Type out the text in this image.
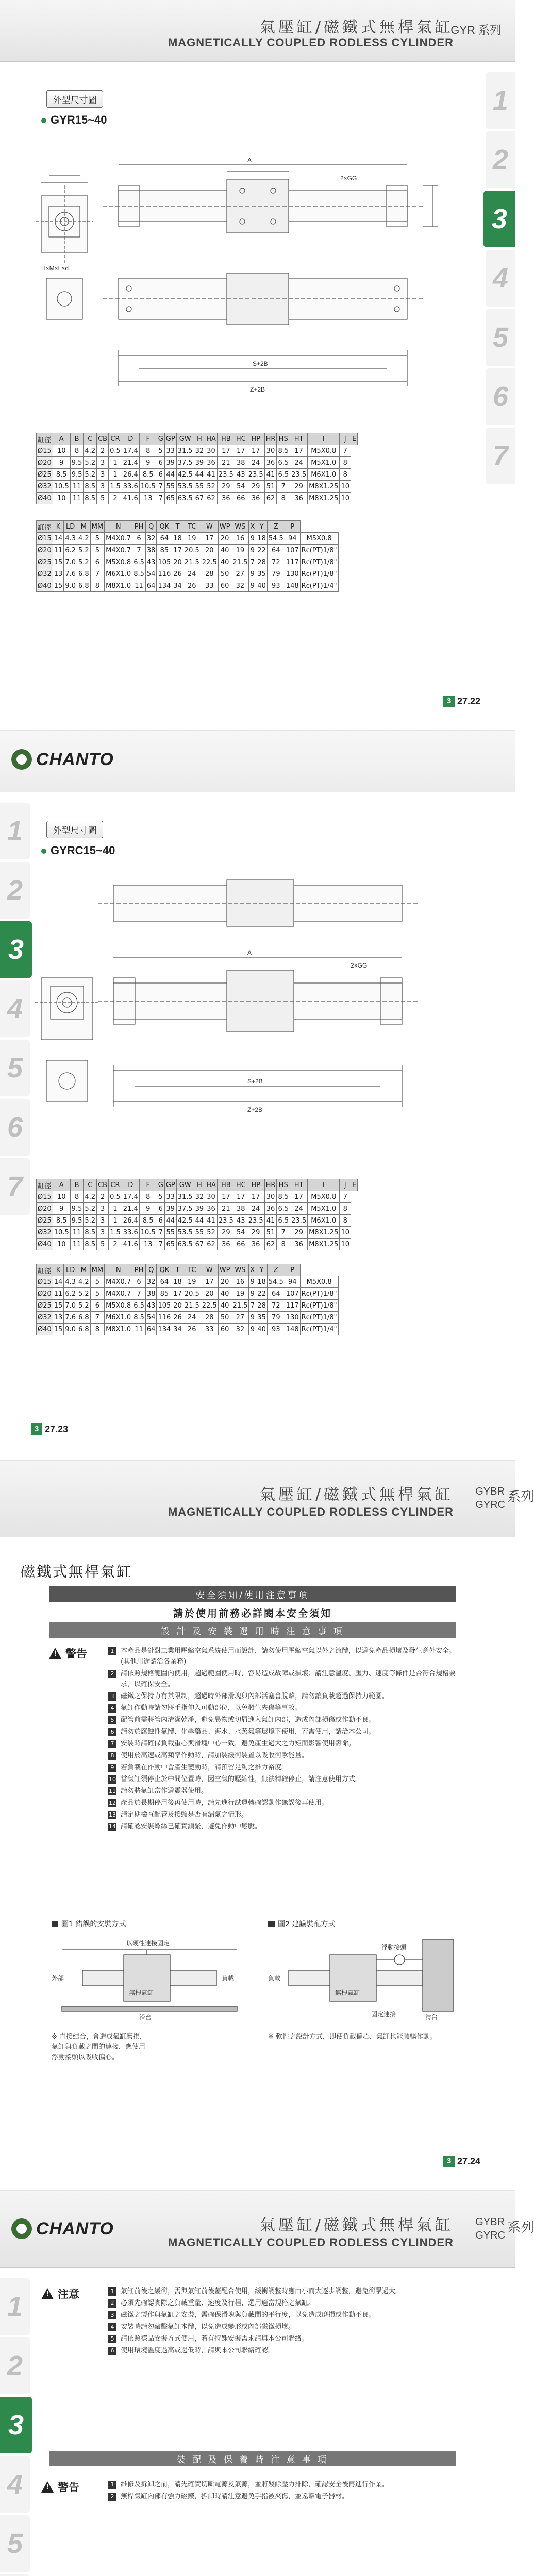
氣壓缸/磁鐵式無桿氣缸
MAGNETICALLY COUPLED RODLESS CYLINDER
GYR 系列
1
2
3
4
5
6
7
外型尺寸圖
GYR15~40
A
S+2B
Z+2B
2×GG
H×M×L×d
缸徑	A	B	C	CB	CR	D	F	G	GP	GW	H	HA	HB	HC	HP	HR	HS	HT	I	J	E
Ø15	10	8	4.2	2	0.5	17.4	8	5	33	31.5	32	30	17	17	17	30	8.5	17	M5X0.8	7	
Ø20	9	9.5	5.2	3	1	21.4	9	6	39	37.5	39	36	21	38	24	36	6.5	24	M5X1.0	8	
Ø25	8.5	9.5	5.2	3	1	26.4	8.5	6	44	42.5	44	41	23.5	43	23.5	41	6.5	23.5	M6X1.0	8	
Ø32	10.5	11	8.5	3	1.5	33.6	10.5	7	55	53.5	55	52	29	54	29	51	7	29	M8X1.25	10	
Ø40	10	11	8.5	5	2	41.6	13	7	65	63.5	67	62	36	66	36	62	8	36	M8X1.25	10	
缸徑	K	LD	M	MM	N	PH	Q	QK	T	TC	W	WP	WS	X	Y	Z	P	
Ø15	14	4.3	4.2	5	M4X0.7	6	32	64	18	19	17	20	16	9	18	54.5	94	M5X0.8
Ø20	11	6.2	5.2	5	M4X0.7	7	38	85	17	20.5	20	40	19	9	22	64	107	Rc(PT)1/8"
Ø25	15	7.0	5.2	6	M5X0.8	6.5	43	105	20	21.5	22.5	40	21.5	7	28	72	117	Rc(PT)1/8"
Ø32	13	7.6	6.8	7	M6X1.0	8.5	54	116	26	24	28	50	27	9	35	79	130	Rc(PT)1/8"
Ø40	15	9.0	6.8	8	M8X1.0	11	64	134	34	26	33	60	32	9	40	93	148	Rc(PT)1/4"
3 27.22
CHANTO
1
2
3
4
5
6
7
外型尺寸圖
GYRC15~40
A
S+2B
Z+2B
2×GG
缸徑	A	B	C	CB	CR	D	F	G	GP	GW	H	HA	HB	HC	HP	HR	HS	HT	I	J	E
Ø15	10	8	4.2	2	0.5	17.4	8	5	33	31.5	32	30	17	17	17	30	8.5	17	M5X0.8	7	
Ø20	9	9.5	5.2	3	1	21.4	9	6	39	37.5	39	36	21	38	24	36	6.5	24	M5X1.0	8	
Ø25	8.5	9.5	5.2	3	1	26.4	8.5	6	44	42.5	44	41	23.5	43	23.5	41	6.5	23.5	M6X1.0	8	
Ø32	10.5	11	8.5	3	1.5	33.6	10.5	7	55	53.5	55	52	29	54	29	51	7	29	M8X1.25	10	
Ø40	10	11	8.5	5	2	41.6	13	7	65	63.5	67	62	36	66	36	62	8	36	M8X1.25	10	
缸徑	K	LD	M	MM	N	PH	Q	QK	T	TC	W	WP	WS	X	Y	Z	P	
Ø15	14	4.3	4.2	5	M4X0.7	6	32	64	18	19	17	20	16	9	18	54.5	94	M5X0.8
Ø20	11	6.2	5.2	5	M4X0.7	7	38	85	17	20.5	20	40	19	9	22	64	107	Rc(PT)1/8"
Ø25	15	7.0	5.2	6	M5X0.8	6.5	43	105	20	21.5	22.5	40	21.5	7	28	72	117	Rc(PT)1/8"
Ø32	13	7.6	6.8	7	M6X1.0	8.5	54	116	26	24	28	50	27	9	35	79	130	Rc(PT)1/8"
Ø40	15	9.0	6.8	8	M8X1.0	11	64	134	34	26	33	60	32	9	40	93	148	Rc(PT)1/4"
3 27.23
氣壓缸/磁鐵式無桿氣缸
MAGNETICALLY COUPLED RODLESS CYLINDER
GYBR
GYRC
系列
磁鐵式無桿氣缸
安全須知/使用注意事項
請於使用前務必詳閱本安全須知
設 計 及 安 裝 選 用 時 注 意 事 項
!
警告	1 本產品是針對工業用壓縮空氣系統使用而設計，請勿使用壓縮空氣以外之流體，以避免產品損壞及發生意外安全。(其他用途請洽各業務)
2 請依照規格範圍內使用，超過範圍使用時，容易造成故障或損壞；請注意溫度、壓力、速度等條件是否符合規格要求，以確保安全。
3 磁鐵之保持力有其限制，超過時外部滑塊與內部活塞會脫離，請勿讓負載超過保持力範圍。
4 氣缸作動時請勿將手指伸入可動部位，以免發生夾傷等事故。
5 配管前需將管內清潔乾淨，避免異物或切屑進入氣缸內部，造成內部損傷或作動不良。
6 請勿於腐蝕性氣體、化學藥品、海水、水蒸氣等環境下使用，若需使用，請洽本公司。
7 安裝時請確保負載重心與滑塊中心一致，避免產生過大之力矩而影響使用壽命。
8 使用於高速或高頻率作動時，請加裝緩衝裝置以吸收衝擊能量。
9 若負載在作動中會產生變動時，請預留足夠之推力裕度。
10 當氣缸須停止於中間位置時，因空氣的壓縮性，無法精確停止，請注意使用方式。
11 請勿將氣缸當作避震器使用。
12 產品於長期停用後再使用時，請先進行試運轉確認動作無誤後再使用。
13 請定期檢查配管及接頭是否有漏氣之情形。
14 請確認安裝螺絲已確實鎖緊，避免作動中鬆脫。
圖1 錯誤的安裝方式	圖2 建議裝配方式
以硬性連接固定
外部	負載
無桿氣缸
滑台
浮動接頭
負載
無桿氣缸
滑台
固定連接
※ 直接結合，會造成氣缸磨損，
氣缸與負載之間的連接，應使用
浮動接頭以吸收偏心。
※ 軟性之設計方式，即使負載偏心，氣缸也能順暢作動。
3 27.24
CHANTO	氣壓缸/磁鐵式無桿氣缸
MAGNETICALLY COUPLED RODLESS CYLINDER
GYBR
GYRC
系列
1
2
3
4
5
!
注意	1 氣缸前後之緩衝，需與氣缸前後蓋配合使用，緩衝調整時應由小而大逐步調整，避免衝擊過大。
2 必須先確認實際之負載重量、速度及行程，選用適當規格之氣缸。
3 磁鐵之製作與氣缸之安裝，需確保滑塊與負載間的平行度，以免造成磨損或作動不良。
4 安裝時請勿敲擊氣缸本體，以免造成變形或內部磁鐵損壞。
5 請依照樣品安裝方式使用，若有特殊安裝需求請與本公司聯絡。
6 使用環境溫度過高或過低時，請與本公司聯絡確認。
裝 配 及 保 養 時 注 意 事 項
!
警告	1 維修及拆卸之前，請先確實切斷電源及氣源，並將殘餘壓力排除，確認安全後再進行作業。
2 無桿氣缸內部有強力磁鐵，拆卸時請注意避免手指被夾傷，並遠離電子器材。
